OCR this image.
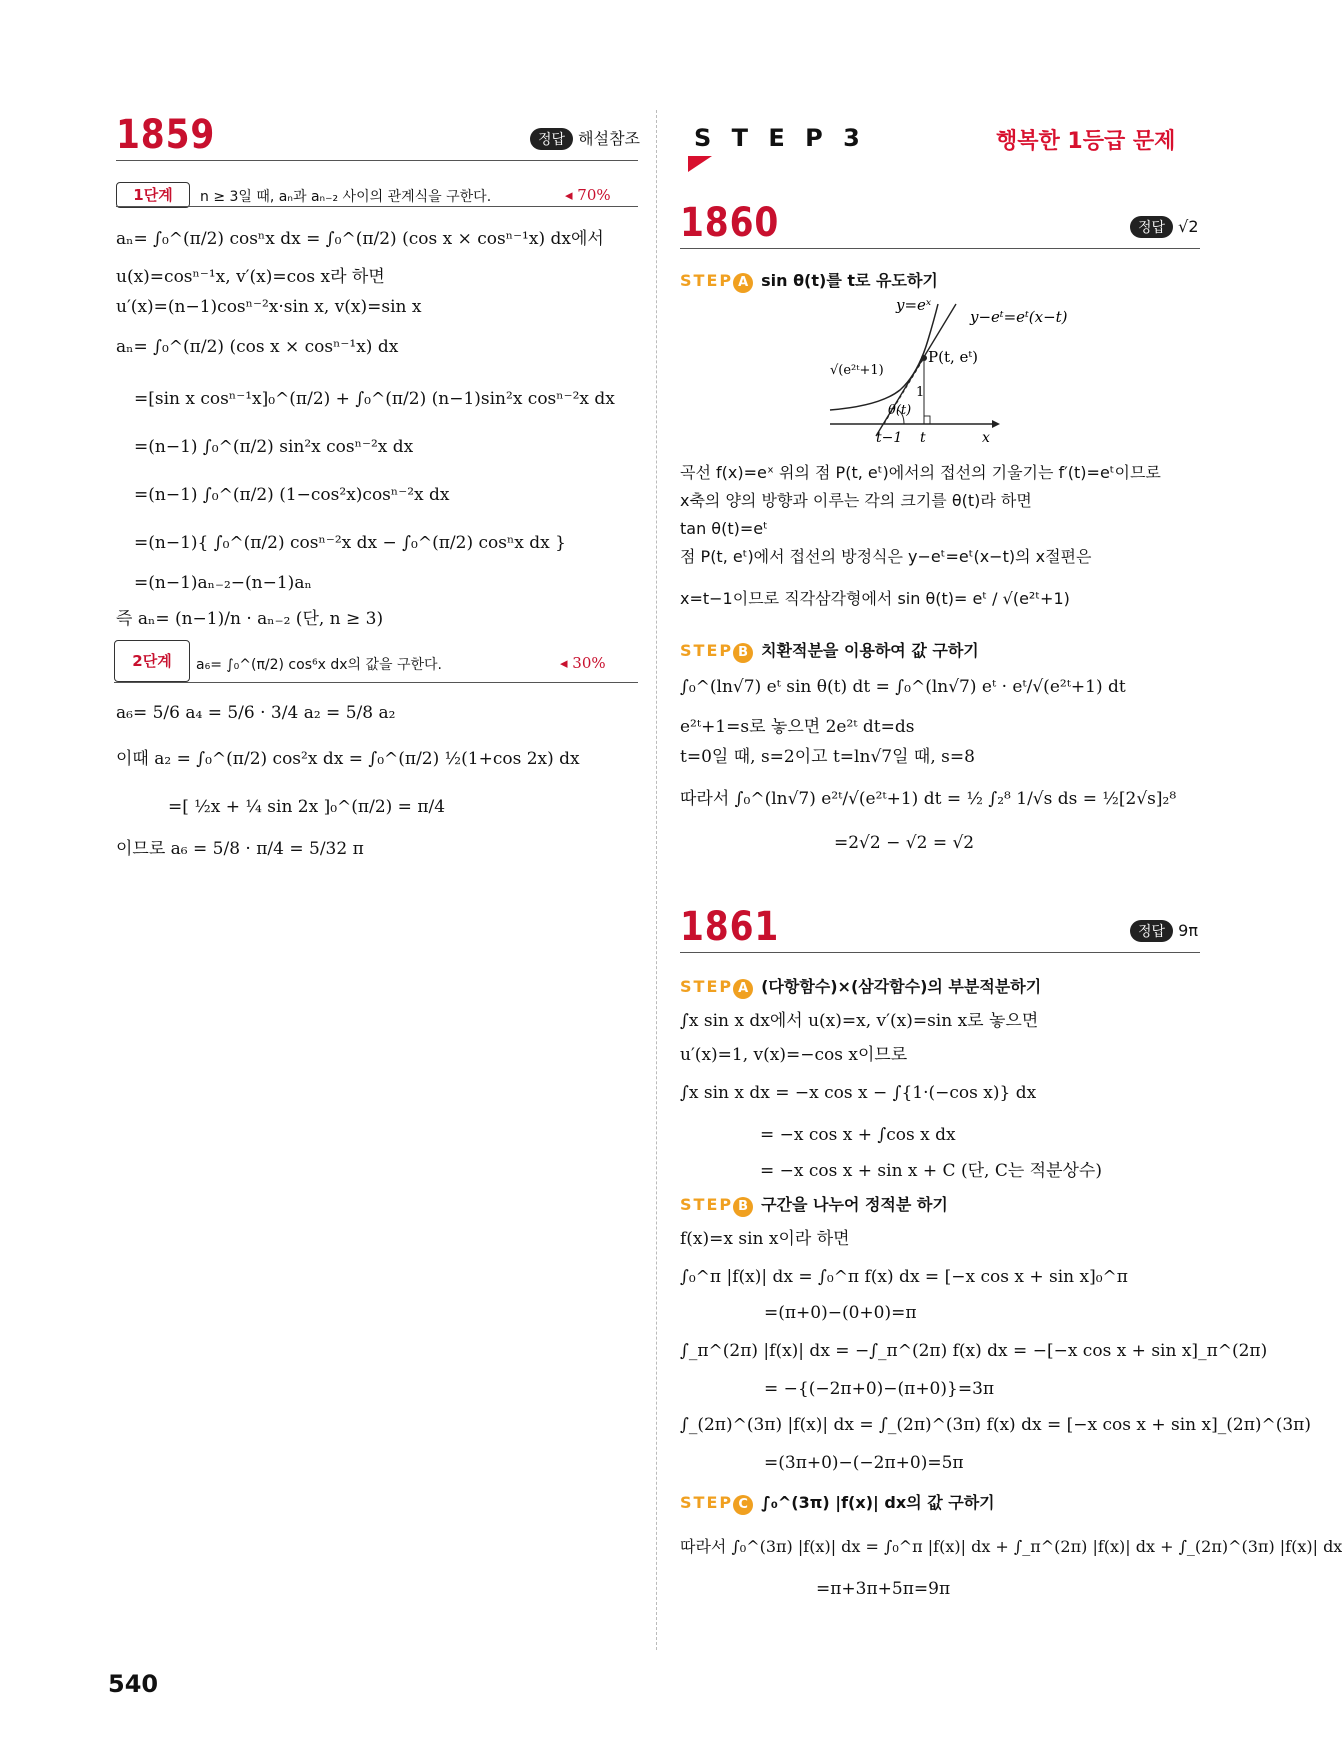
1859	정답 해설참조
1단계	n ≥ 3일 때, aₙ과 aₙ₋₂ 사이의 관계식을 구한다.	◂ 70%
aₙ= ∫₀^(π/2) cosⁿx dx = ∫₀^(π/2) (cos x × cosⁿ⁻¹x) dx에서
u(x)=cosⁿ⁻¹x, v′(x)=cos x라 하면
u′(x)=(n−1)cosⁿ⁻²x·sin x, v(x)=sin x
aₙ= ∫₀^(π/2) (cos x × cosⁿ⁻¹x) dx
=[sin x cosⁿ⁻¹x]₀^(π/2) + ∫₀^(π/2) (n−1)sin²x cosⁿ⁻²x dx
=(n−1) ∫₀^(π/2) sin²x cosⁿ⁻²x dx
=(n−1) ∫₀^(π/2) (1−cos²x)cosⁿ⁻²x dx
=(n−1){ ∫₀^(π/2) cosⁿ⁻²x dx − ∫₀^(π/2) cosⁿx dx }
=(n−1)aₙ₋₂−(n−1)aₙ
즉 aₙ= (n−1)/n · aₙ₋₂ (단, n ≥ 3)
2단계	a₆= ∫₀^(π/2) cos⁶x dx의 값을 구한다.	◂ 30%
a₆= 5/6 a₄ = 5/6 · 3/4 a₂ = 5/8 a₂
이때 a₂ = ∫₀^(π/2) cos²x dx = ∫₀^(π/2) ½(1+cos 2x) dx
=[ ½x + ¼ sin 2x ]₀^(π/2) = π/4
이므로 a₆ = 5/8 · π/4 = 5/32 π
540
S T E P 3	행복한 1등급 문제
1860	정답 √2
STEP A sin θ(t)를 t로 유도하기
y=eˣ
y−eᵗ=eᵗ(x−t)
P(t, eᵗ)
√(e²ᵗ+1)
1
θ(t)
t−1 t	x
곡선 f(x)=eˣ 위의 점 P(t, eᵗ)에서의 접선의 기울기는 f′(t)=eᵗ이므로
x축의 양의 방향과 이루는 각의 크기를 θ(t)라 하면
tan θ(t)=eᵗ
점 P(t, eᵗ)에서 접선의 방정식은 y−eᵗ=eᵗ(x−t)의 x절편은
x=t−1이므로 직각삼각형에서 sin θ(t)= eᵗ / √(e²ᵗ+1)
STEP B 치환적분을 이용하여 값 구하기
∫₀^(ln√7) eᵗ sin θ(t) dt = ∫₀^(ln√7) eᵗ · eᵗ/√(e²ᵗ+1) dt
e²ᵗ+1=s로 놓으면 2e²ᵗ dt=ds
t=0일 때, s=2이고 t=ln√7일 때, s=8
따라서 ∫₀^(ln√7) e²ᵗ/√(e²ᵗ+1) dt = ½ ∫₂⁸ 1/√s ds = ½[2√s]₂⁸
=2√2 − √2 = √2
1861	정답 9π
STEP A (다항함수)×(삼각함수)의 부분적분하기
∫x sin x dx에서 u(x)=x, v′(x)=sin x로 놓으면
u′(x)=1, v(x)=−cos x이므로
∫x sin x dx = −x cos x − ∫{1·(−cos x)} dx
= −x cos x + ∫cos x dx
= −x cos x + sin x + C (단, C는 적분상수)
STEP B 구간을 나누어 정적분 하기
f(x)=x sin x이라 하면
∫₀^π |f(x)| dx = ∫₀^π f(x) dx = [−x cos x + sin x]₀^π
=(π+0)−(0+0)=π
∫_π^(2π) |f(x)| dx = −∫_π^(2π) f(x) dx = −[−x cos x + sin x]_π^(2π)
= −{(−2π+0)−(π+0)}=3π
∫_(2π)^(3π) |f(x)| dx = ∫_(2π)^(3π) f(x) dx = [−x cos x + sin x]_(2π)^(3π)
=(3π+0)−(−2π+0)=5π
STEP C ∫₀^(3π) |f(x)| dx의 값 구하기
따라서 ∫₀^(3π) |f(x)| dx = ∫₀^π |f(x)| dx + ∫_π^(2π) |f(x)| dx + ∫_(2π)^(3π) |f(x)| dx
=π+3π+5π=9π
